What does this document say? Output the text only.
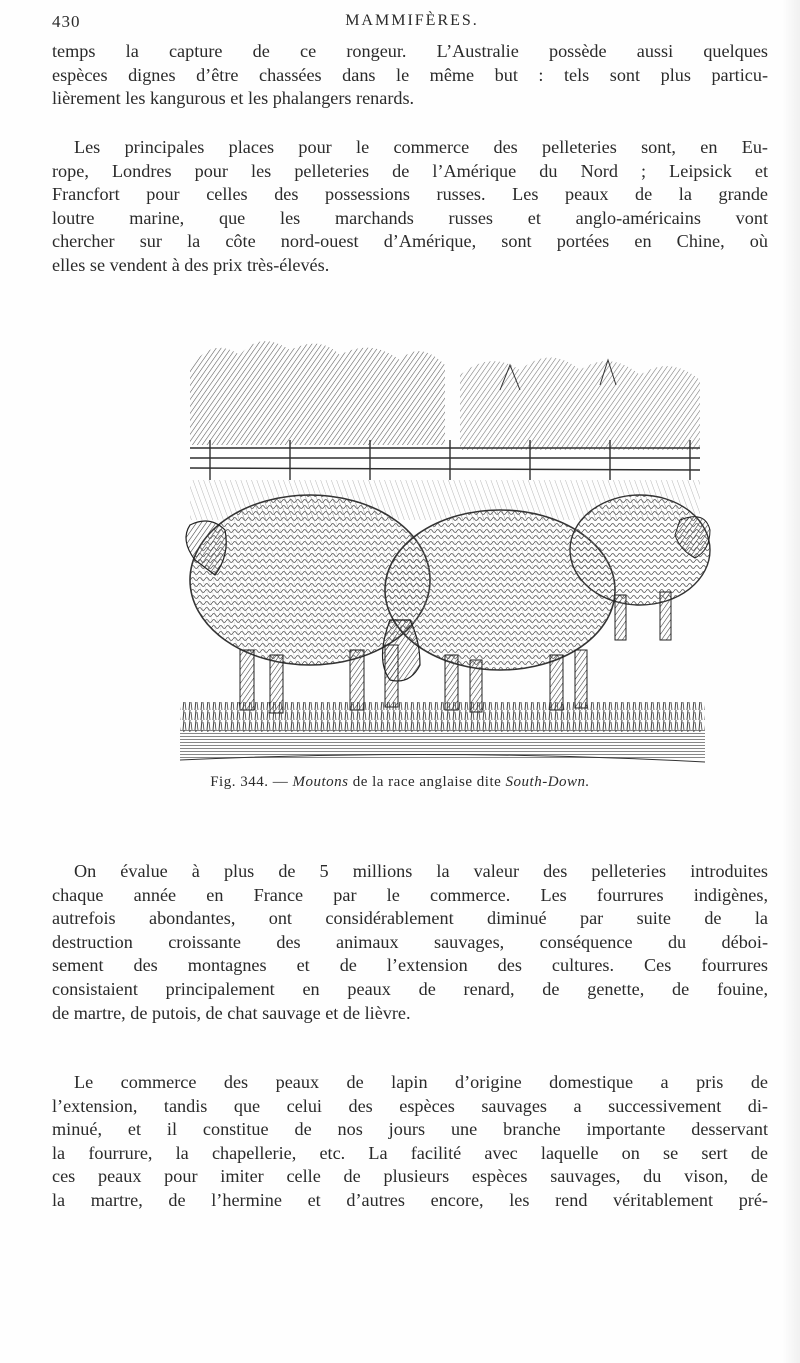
430	MAMMIFÈRES.
temps la capture de ce rongeur. L’Australie possède aussi quelques
espèces dignes d’être chassées dans le même but : tels sont plus particu-
lièrement les kangurous et les phalangers renards.
Les principales places pour le commerce des pelleteries sont, en Eu-
rope, Londres pour les pelleteries de l’Amérique du Nord ; Leipsick et
Francfort pour celles des possessions russes. Les peaux de la grande
loutre marine, que les marchands russes et anglo-américains vont
chercher sur la côte nord-ouest d’Amérique, sont portées en Chine, où
elles se vendent à des prix très-élevés.
Fig. 344. — Moutons de la race anglaise dite South-Down.
On évalue à plus de 5 millions la valeur des pelleteries introduites
chaque année en France par le commerce. Les fourrures indigènes,
autrefois abondantes, ont considérablement diminué par suite de la
destruction croissante des animaux sauvages, conséquence du déboi-
sement des montagnes et de l’extension des cultures. Ces fourrures
consistaient principalement en peaux de renard, de genette, de fouine,
de martre, de putois, de chat sauvage et de lièvre.
Le commerce des peaux de lapin d’origine domestique a pris de
l’extension, tandis que celui des espèces sauvages a successivement di-
minué, et il constitue de nos jours une branche importante desservant
la fourrure, la chapellerie, etc. La facilité avec laquelle on se sert de
ces peaux pour imiter celle de plusieurs espèces sauvages, du vison, de
la martre, de l’hermine et d’autres encore, les rend véritablement pré-
